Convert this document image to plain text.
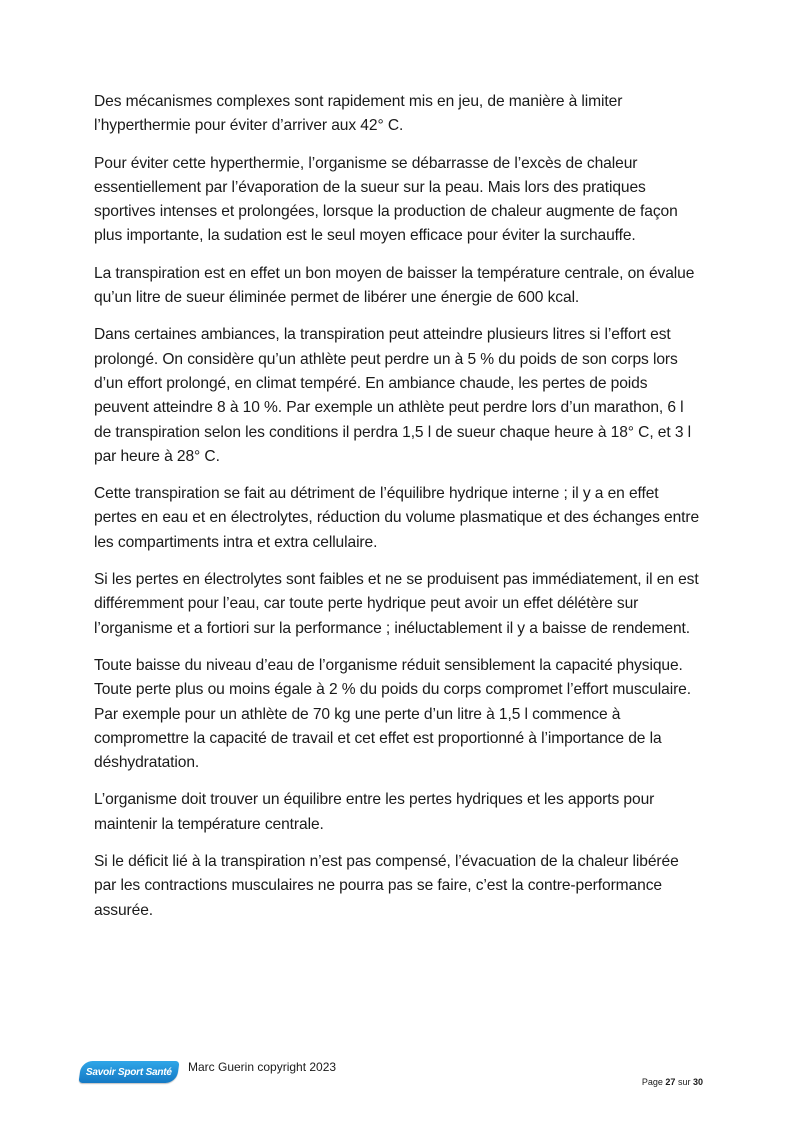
Des mécanismes complexes sont rapidement mis en jeu, de manière à limiter l’hyperthermie pour éviter d’arriver aux 42° C.

Pour éviter cette hyperthermie, l’organisme se débarrasse de l’excès de chaleur essentiellement par l’évaporation de la sueur sur la peau. Mais lors des pratiques sportives intenses et prolongées, lorsque la production de chaleur augmente de façon plus importante, la sudation est le seul moyen efficace pour éviter la surchauffe.

La transpiration est en effet un bon moyen de baisser la température centrale, on évalue qu’un litre de sueur éliminée permet de libérer une énergie de 600 kcal.

Dans certaines ambiances, la transpiration peut atteindre plusieurs litres si l’effort est prolongé. On considère qu’un athlète peut perdre un à 5 % du poids de son corps lors d’un effort prolongé, en climat tempéré. En ambiance chaude, les pertes de poids peuvent atteindre 8 à 10 %. Par exemple un athlète peut perdre lors d’un marathon, 6 l de transpiration selon les conditions il perdra 1,5 l de sueur chaque heure à 18° C, et 3 l par heure à 28° C.

Cette transpiration se fait au détriment de l’équilibre hydrique interne ; il y a en effet pertes en eau et en électrolytes, réduction du volume plasmatique et des échanges entre les compartiments intra et extra cellulaire.

Si les pertes en électrolytes sont faibles et ne se produisent pas immédiatement, il en est différemment pour l’eau, car toute perte hydrique peut avoir un effet délétère sur l’organisme et a fortiori sur la performance ; inéluctablement il y a baisse de rendement.

Toute baisse du niveau d’eau de l’organisme réduit sensiblement la capacité physique. Toute perte plus ou moins égale à 2 % du poids du corps compromet l’effort musculaire. Par exemple pour un athlète de 70 kg une perte d’un litre à 1,5 l commence à compromettre la capacité de travail et cet effet est proportionné à l’importance de la déshydratation.

L’organisme doit trouver un équilibre entre les pertes hydriques et les apports pour maintenir la température centrale.

Si le déficit lié à la transpiration n’est pas compensé, l’évacuation de la chaleur libérée par les contractions musculaires ne pourra pas se faire, c’est la contre-performance assurée.

Savoir Sport Santé Marc Guerin copyright 2023
Page 27 sur 30
